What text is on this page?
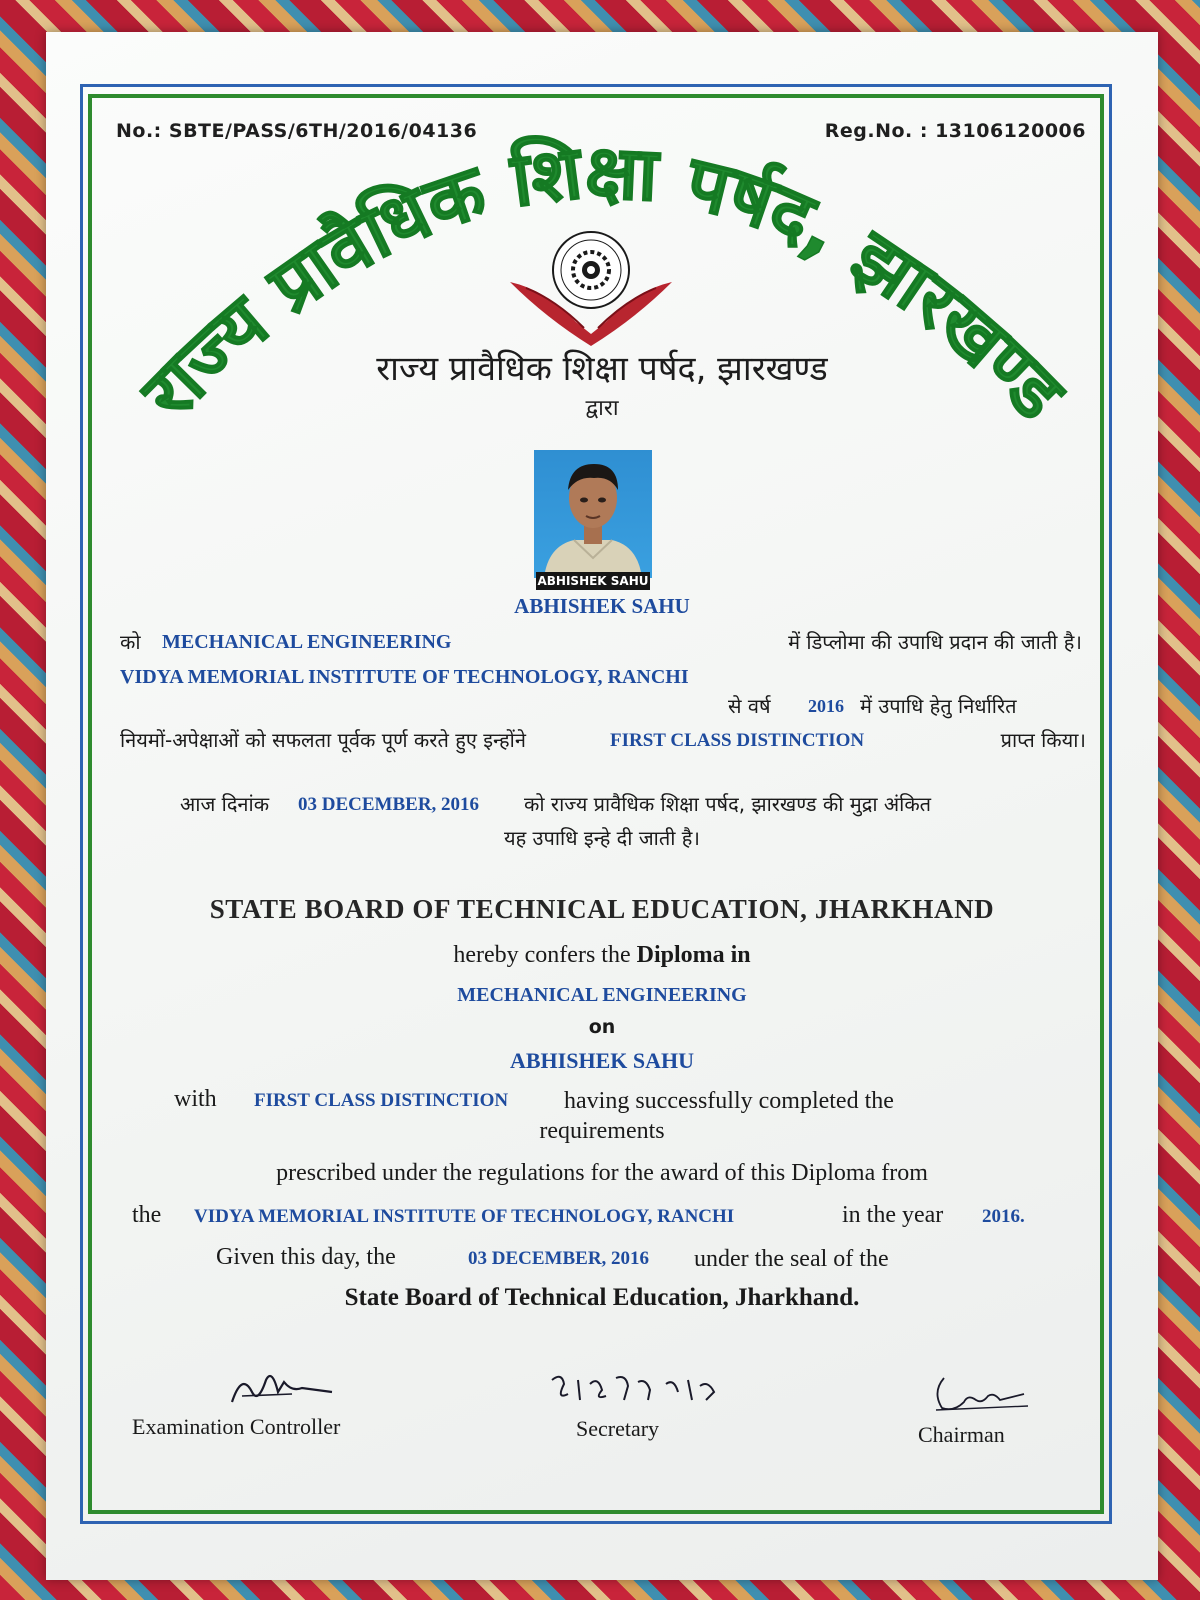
No.: SBTE/PASS/6TH/2016/04136	Reg.No. : 13106120006
राज्य प्रावैधिक शिक्षा पर्षद, झारखण्ड
राज्य प्रावैधिक शिक्षा पर्षद, झारखण्ड
द्वारा
ABHISHEK SAHU
ABHISHEK SAHU
को MECHANICAL ENGINEERING	में डिप्लोमा की उपाधि प्रदान की जाती है।
VIDYA MEMORIAL INSTITUTE OF TECHNOLOGY, RANCHI
से वर्ष 2016 में उपाधि हेतु निर्धारित
नियमों-अपेक्षाओं को सफलता पूर्वक पूर्ण करते हुए इन्होंने	FIRST CLASS DISTINCTION	प्राप्त किया।
आज दिनांक 03 DECEMBER, 2016 को राज्य प्रावैधिक शिक्षा पर्षद, झारखण्ड की मुद्रा अंकित
यह उपाधि इन्हे दी जाती है।
STATE BOARD OF TECHNICAL EDUCATION, JHARKHAND
hereby confers the Diploma in
MECHANICAL ENGINEERING
on
ABHISHEK SAHU
with FIRST CLASS DISTINCTION having successfully completed the
requirements
prescribed under the regulations for the award of this Diploma from
the VIDYA MEMORIAL INSTITUTE OF TECHNOLOGY, RANCHI	in the year 2016.
Given this day, the	03 DECEMBER, 2016 under the seal of the
State Board of Technical Education, Jharkhand.
Examination Controller	Secretary	Chairman
